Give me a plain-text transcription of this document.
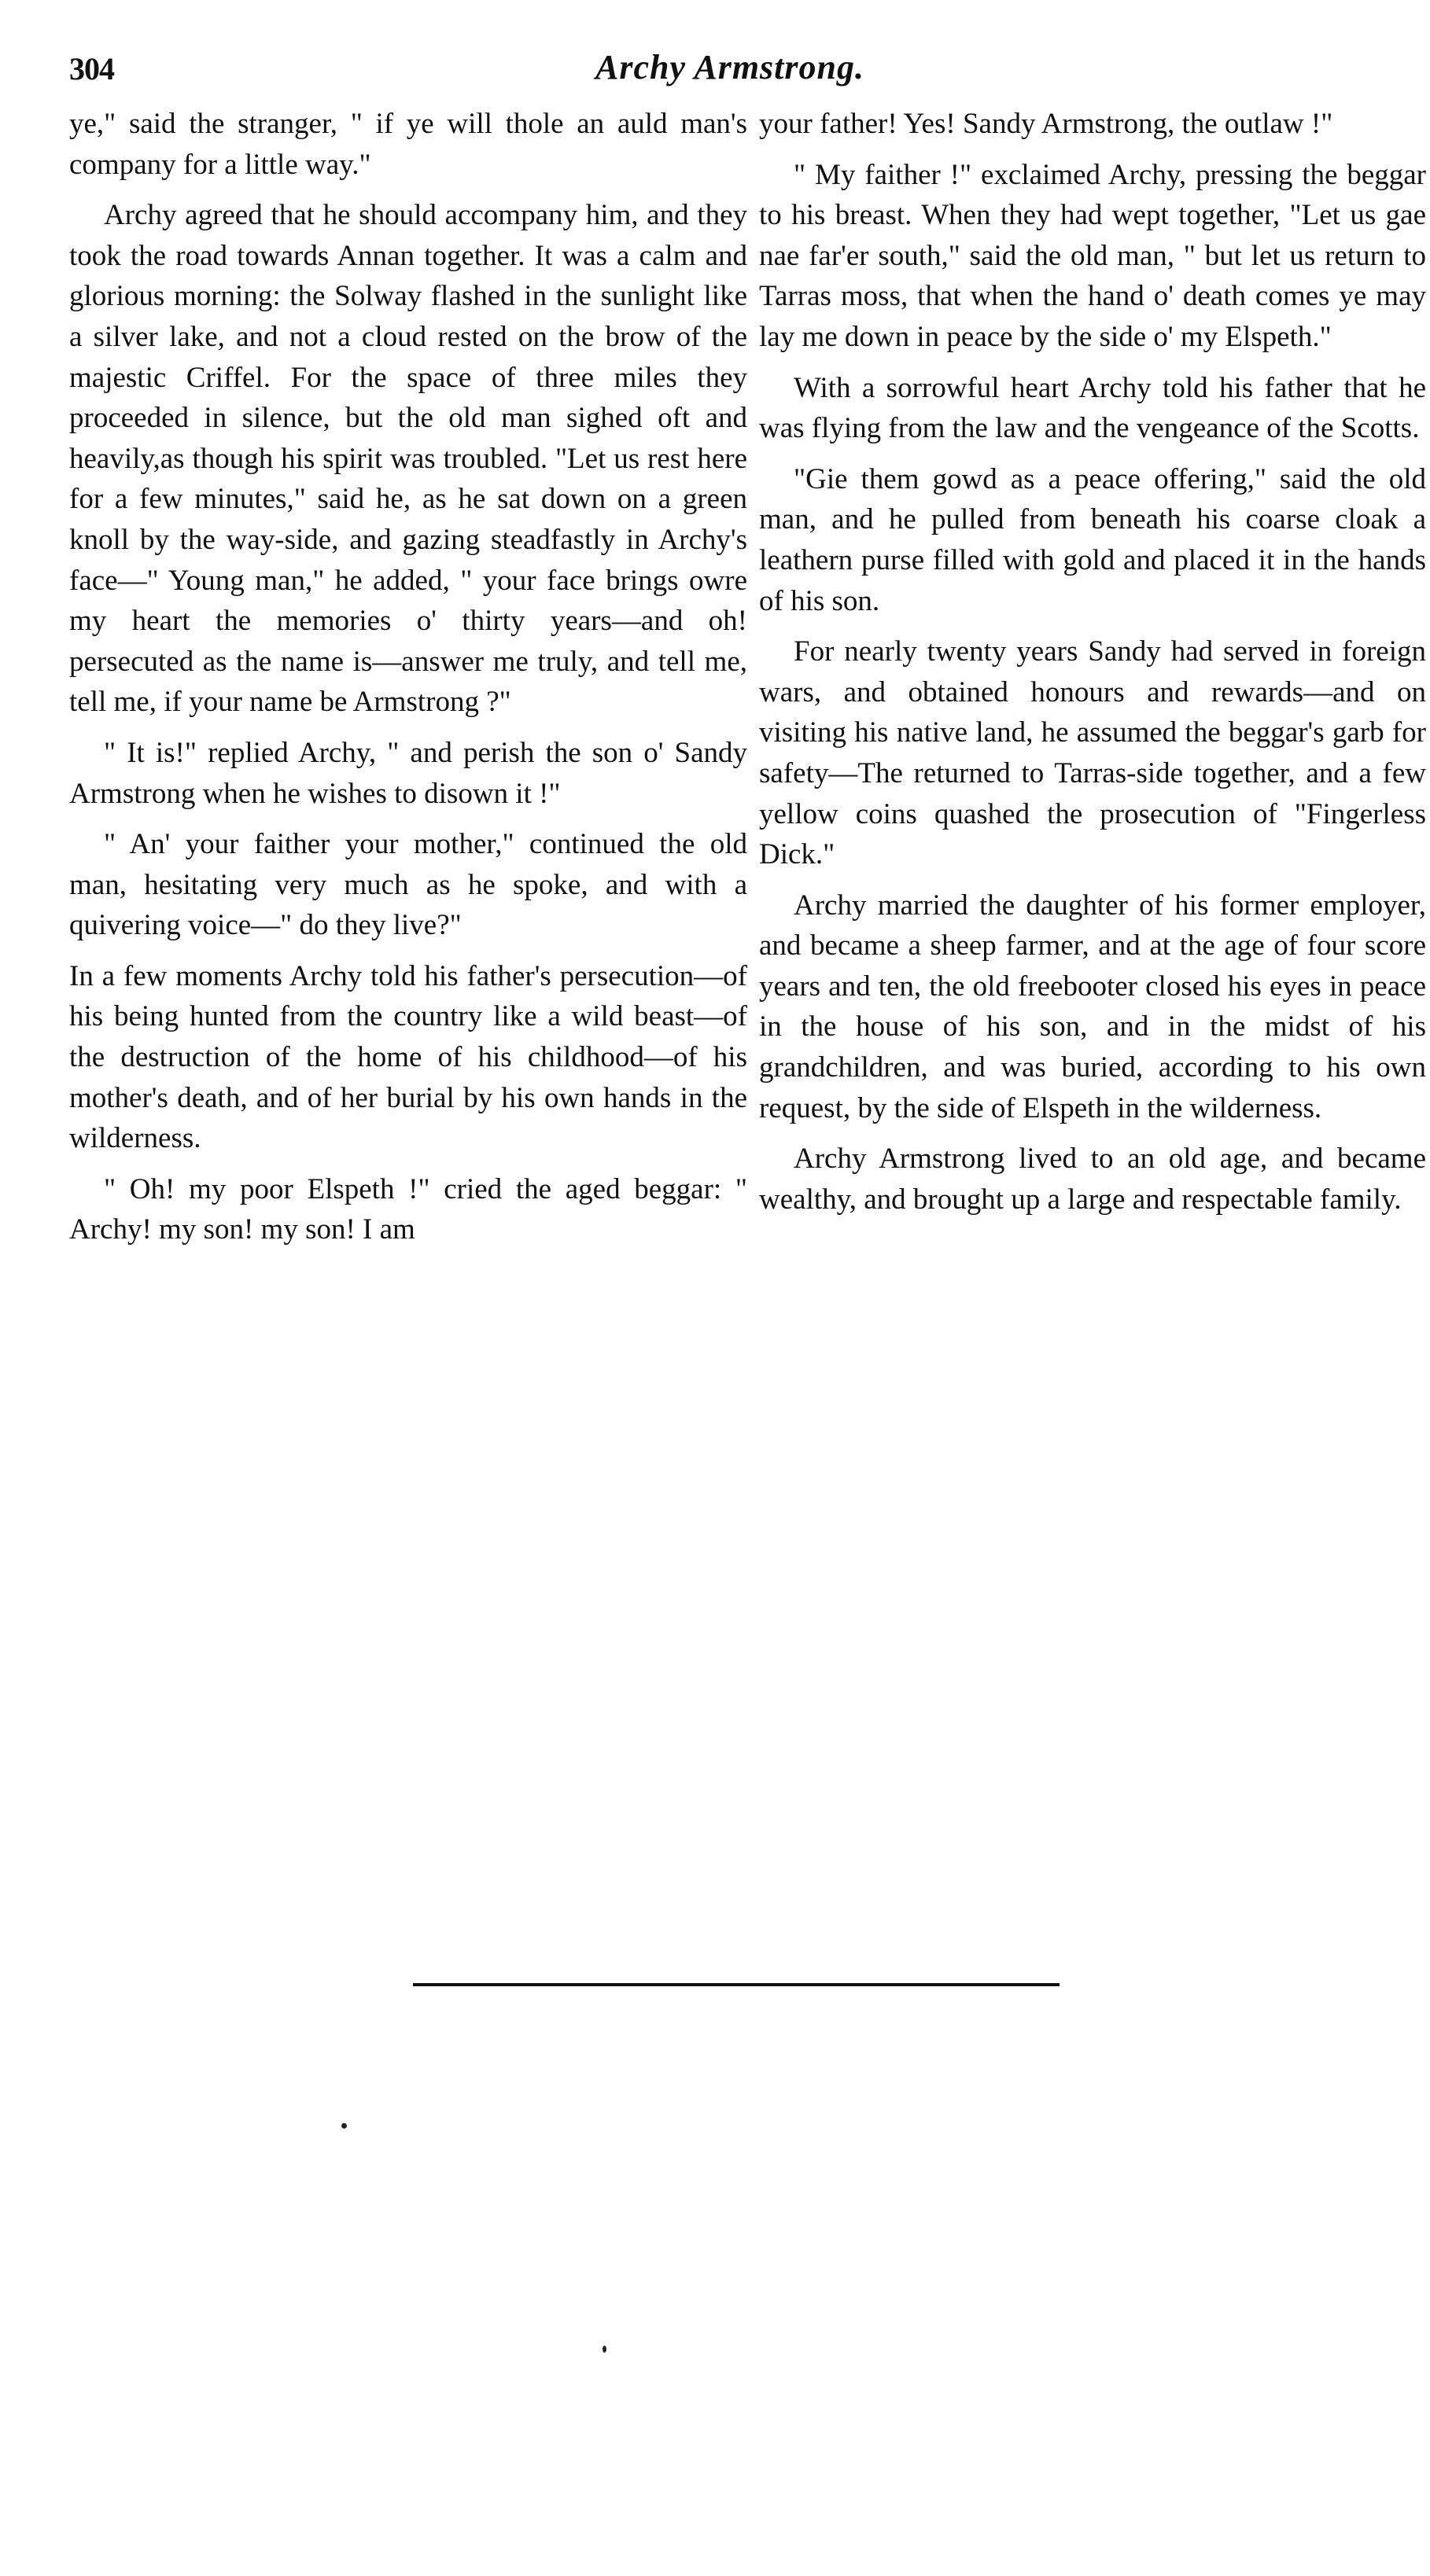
304	Archy Armstrong.

ye," said the stranger, " if ye will thole an auld man's company for a little way."

Archy agreed that he should accompany him, and they took the road towards Annan together. It was a calm and glorious morning: the Solway flashed in the sunlight like a silver lake, and not a cloud rested on the brow of the majestic Criffel. For the space of three miles they proceeded in silence, but the old man sighed oft and heavily,as though his spirit was troubled. "Let us rest here for a few minutes," said he, as he sat down on a green knoll by the way-side, and gazing steadfastly in Archy's face—" Young man," he added, " your face brings owre my heart the memories o' thirty years—and oh! persecuted as the name is—answer me truly, and tell me, tell me, if your name be Armstrong ?"

" It is!" replied Archy, " and perish the son o' Sandy Armstrong when he wishes to disown it !"

" An' your faither your mother," continued the old man, hesitating very much as he spoke, and with a quivering voice—" do they live?"

In a few moments Archy told his father's persecution—of his being hunted from the country like a wild beast—of the destruction of the home of his childhood—of his mother's death, and of her burial by his own hands in the wilderness.

" Oh! my poor Elspeth !" cried the aged beggar: " Archy! my son! my son! I am

your father! Yes! Sandy Armstrong, the outlaw !"

" My faither !" exclaimed Archy, pressing the beggar to his breast. When they had wept together, "Let us gae nae far'er south," said the old man, " but let us return to Tarras moss, that when the hand o' death comes ye may lay me down in peace by the side o' my Elspeth."

With a sorrowful heart Archy told his father that he was flying from the law and the vengeance of the Scotts.

"Gie them gowd as a peace offering," said the old man, and he pulled from beneath his coarse cloak a leathern purse filled with gold and placed it in the hands of his son.

For nearly twenty years Sandy had served in foreign wars, and obtained honours and rewards—and on visiting his native land, he assumed the beggar's garb for safety—The returned to Tarras-side together, and a few yellow coins quashed the prosecution of "Fingerless Dick."

Archy married the daughter of his former employer, and became a sheep farmer, and at the age of four score years and ten, the old freebooter closed his eyes in peace in the house of his son, and in the midst of his grandchildren, and was buried, according to his own request, by the side of Elspeth in the wilderness.

Archy Armstrong lived to an old age, and became wealthy, and brought up a large and respectable family.
